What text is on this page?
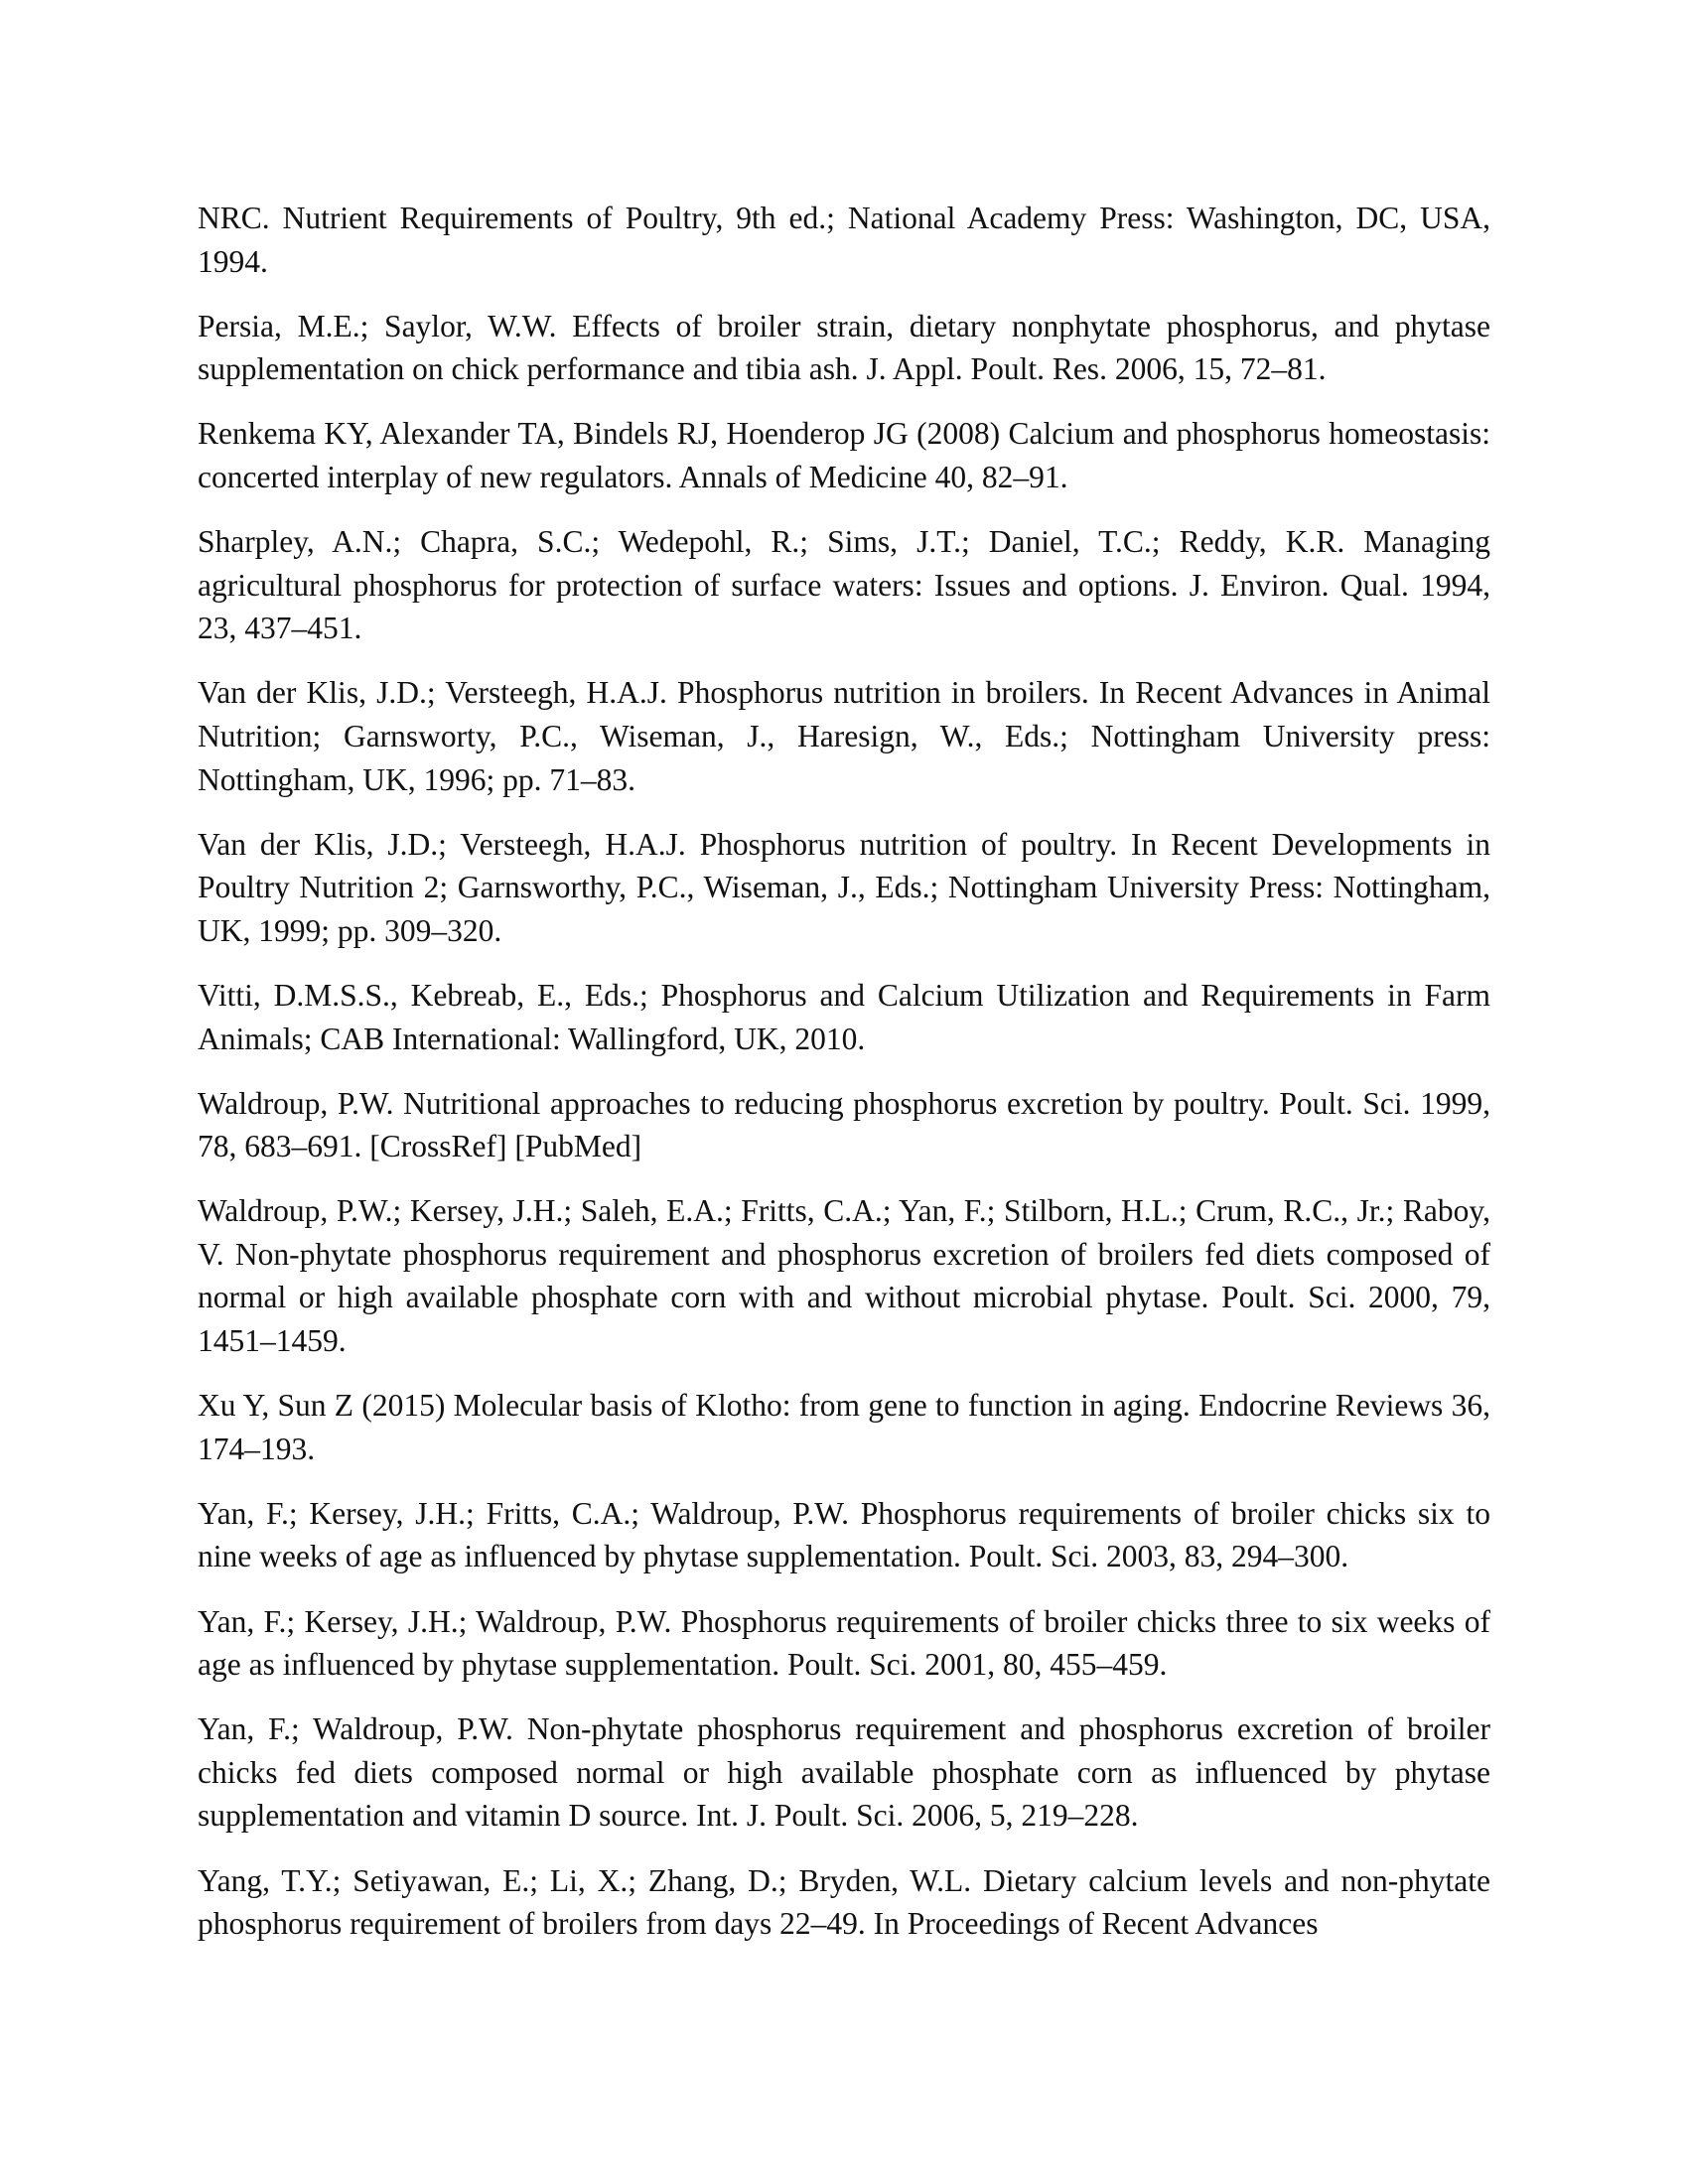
NRC. Nutrient Requirements of Poultry, 9th ed.; National Academy Press: Washington, DC, USA, 1994.

Persia, M.E.; Saylor, W.W. Effects of broiler strain, dietary nonphytate phosphorus, and phytase supplementation on chick performance and tibia ash. J. Appl. Poult. Res. 2006, 15, 72–81.

Renkema KY, Alexander TA, Bindels RJ, Hoenderop JG (2008) Calcium and phosphorus homeostasis: concerted interplay of new regulators. Annals of Medicine 40, 82–91.

Sharpley, A.N.; Chapra, S.C.; Wedepohl, R.; Sims, J.T.; Daniel, T.C.; Reddy, K.R. Managing agricultural phosphorus for protection of surface waters: Issues and options. J. Environ. Qual. 1994, 23, 437–451.

Van der Klis, J.D.; Versteegh, H.A.J. Phosphorus nutrition in broilers. In Recent Advances in Animal Nutrition; Garnsworty, P.C., Wiseman, J., Haresign, W., Eds.; Nottingham University press: Nottingham, UK, 1996; pp. 71–83.

Van der Klis, J.D.; Versteegh, H.A.J. Phosphorus nutrition of poultry. In Recent Developments in Poultry Nutrition 2; Garnsworthy, P.C., Wiseman, J., Eds.; Nottingham University Press: Nottingham, UK, 1999; pp. 309–320.

Vitti, D.M.S.S., Kebreab, E., Eds.; Phosphorus and Calcium Utilization and Requirements in Farm Animals; CAB International: Wallingford, UK, 2010.

Waldroup, P.W. Nutritional approaches to reducing phosphorus excretion by poultry. Poult. Sci. 1999, 78, 683–691. [CrossRef] [PubMed]

Waldroup, P.W.; Kersey, J.H.; Saleh, E.A.; Fritts, C.A.; Yan, F.; Stilborn, H.L.; Crum, R.C., Jr.; Raboy, V. Non-phytate phosphorus requirement and phosphorus excretion of broilers fed diets composed of normal or high available phosphate corn with and without microbial phytase. Poult. Sci. 2000, 79, 1451–1459.

Xu Y, Sun Z (2015) Molecular basis of Klotho: from gene to function in aging. Endocrine Reviews 36, 174–193.

Yan, F.; Kersey, J.H.; Fritts, C.A.; Waldroup, P.W. Phosphorus requirements of broiler chicks six to nine weeks of age as influenced by phytase supplementation. Poult. Sci. 2003, 83, 294–300.

Yan, F.; Kersey, J.H.; Waldroup, P.W. Phosphorus requirements of broiler chicks three to six weeks of age as influenced by phytase supplementation. Poult. Sci. 2001, 80, 455–459.

Yan, F.; Waldroup, P.W. Non-phytate phosphorus requirement and phosphorus excretion of broiler chicks fed diets composed normal or high available phosphate corn as influenced by phytase supplementation and vitamin D source. Int. J. Poult. Sci. 2006, 5, 219–228.

Yang, T.Y.; Setiyawan, E.; Li, X.; Zhang, D.; Bryden, W.L. Dietary calcium levels and non-phytate phosphorus requirement of broilers from days 22–49. In Proceedings of Recent Advances
